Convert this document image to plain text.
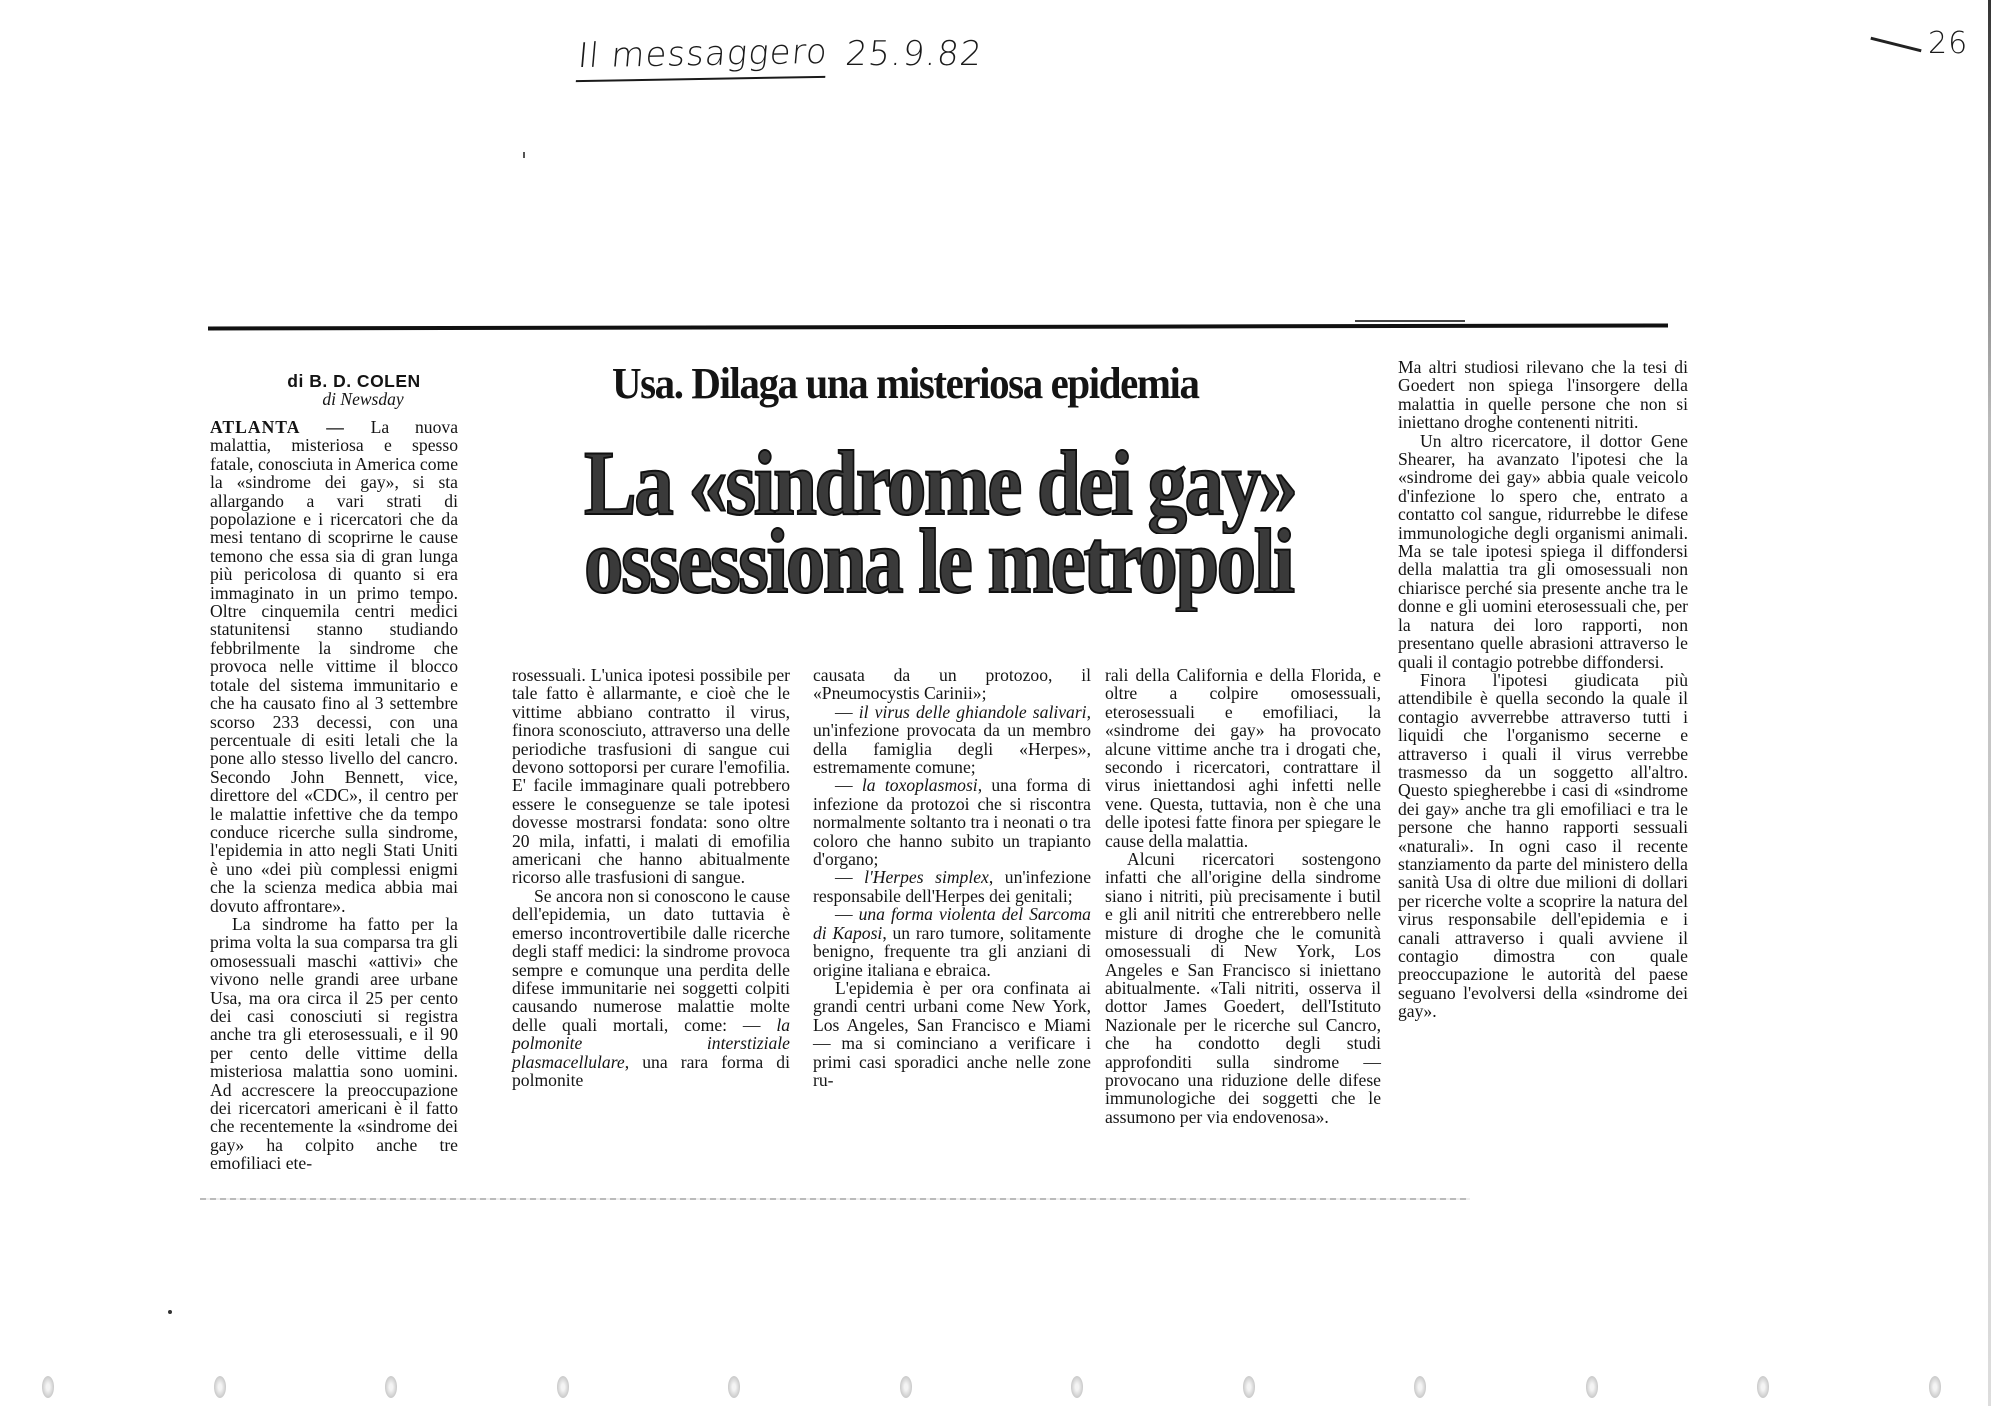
Il messaggero 25.9.82	26
Usa. Dilaga una misteriosa epidemia
La «sindrome dei gay»
ossessiona le metropoli
di B. D. COLEN
di Newsday

ATLANTA — La nuova malattia, misteriosa e spesso fatale, conosciuta in America come la «sindrome dei gay», si sta allargando a vari strati di popolazione e i ricercatori che da mesi tentano di scoprirne le cause temono che essa sia di gran lunga più pericolosa di quanto si era immaginato in un primo tempo. Oltre cinquemila centri medici statunitensi stanno studiando febbrilmente la sindrome che provoca nelle vittime il blocco totale del sistema immunitario e che ha causato fino al 3 settembre scorso 233 decessi, con una percentuale di esiti letali che la pone allo stesso livello del cancro. Secondo John Bennett, vice, direttore del «CDC», il centro per le malattie infettive che da tempo conduce ricerche sulla sindrome, l'epidemia in atto negli Stati Uniti è uno «dei più complessi enigmi che la scienza medica abbia mai dovuto affrontare».

La sindrome ha fatto per la prima volta la sua comparsa tra gli omosessuali maschi «attivi» che vivono nelle grandi aree urbane Usa, ma ora circa il 25 per cento dei casi conosciuti si registra anche tra gli eterosessuali, e il 90 per cento delle vittime della misteriosa malattia sono uomini. Ad accrescere la preoccupazione dei ricercatori americani è il fatto che recentemente la «sindrome dei gay» ha colpito anche tre emofiliaci ete-

rosessuali. L'unica ipotesi possibile per tale fatto è allarmante, e cioè che le vittime abbiano contratto il virus, finora sconosciuto, attraverso una delle periodiche trasfusioni di sangue cui devono sottoporsi per curare l'emofilia. E' facile immaginare quali potrebbero essere le conseguenze se tale ipotesi dovesse mostrarsi fondata: sono oltre 20 mila, infatti, i malati di emofilia americani che hanno abitualmente ricorso alle trasfusioni di sangue.

Se ancora non si conoscono le cause dell'epidemia, un dato tuttavia è emerso incontrovertibile dalle ricerche degli staff medici: la sindrome provoca sempre e comunque una perdita delle difese immunitarie nei soggetti colpiti causando numerose malattie molte delle quali mortali, come: — la polmonite interstiziale plasmacellulare, una rara forma di polmonite

causata da un protozoo, il «Pneumocystis Carinii»;

— il virus delle ghiandole salivari, un'infezione provocata da un membro della famiglia degli «Herpes», estremamente comune;

— la toxoplasmosi, una forma di infezione da protozoi che si riscontra normalmente soltanto tra i neonati o tra coloro che hanno subito un trapianto d'organo;

— l'Herpes simplex, un'infezione responsabile dell'Herpes dei genitali;

— una forma violenta del Sarcoma di Kaposi, un raro tumore, solitamente benigno, frequente tra gli anziani di origine italiana e ebraica.

L'epidemia è per ora confinata ai grandi centri urbani come New York, Los Angeles, San Francisco e Miami — ma si cominciano a verificare i primi casi sporadici anche nelle zone ru-

rali della California e della Florida, e oltre a colpire omosessuali, eterosessuali e emofiliaci, la «sindrome dei gay» ha provocato alcune vittime anche tra i drogati che, secondo i ricercatori, contrattare il virus iniettandosi aghi infetti nelle vene. Questa, tuttavia, non è che una delle ipotesi fatte finora per spiegare le cause della malattia.

Alcuni ricercatori sostengono infatti che all'origine della sindrome siano i nitriti, più precisamente i butil e gli anil nitriti che entrerebbero nelle misture di droghe che le comunità omosessuali di New York, Los Angeles e San Francisco si iniettano abitualmente. «Tali nitriti, osserva il dottor James Goedert, dell'Istituto Nazionale per le ricerche sul Cancro, che ha condotto degli studi approfonditi sulla sindrome — provocano una riduzione delle difese immunologiche dei soggetti che le assumono per via endovenosa».

Ma altri studiosi rilevano che la tesi di Goedert non spiega l'insorgere della malattia in quelle persone che non si iniettano droghe contenenti nitriti.

Un altro ricercatore, il dottor Gene Shearer, ha avanzato l'ipotesi che la «sindrome dei gay» abbia quale veicolo d'infezione lo spero che, entrato a contatto col sangue, ridurrebbe le difese immunologiche degli organismi animali. Ma se tale ipotesi spiega il diffondersi della malattia tra gli omosessuali non chiarisce perché sia presente anche tra le donne e gli uomini eterosessuali che, per la natura dei loro rapporti, non presentano quelle abrasioni attraverso le quali il contagio potrebbe diffondersi.

Finora l'ipotesi giudicata più attendibile è quella secondo la quale il contagio avverrebbe attraverso tutti i liquidi che l'organismo secerne e attraverso i quali il virus verrebbe trasmesso da un soggetto all'altro. Questo spiegherebbe i casi di «sindrome dei gay» anche tra gli emofiliaci e tra le persone che hanno rapporti sessuali «naturali». In ogni caso il recente stanziamento da parte del ministero della sanità Usa di oltre due milioni di dollari per ricerche volte a scoprire la natura del virus responsabile dell'epidemia e i canali attraverso i quali avviene il contagio dimostra con quale preoccupazione le autorità del paese seguano l'evolversi della «sindrome dei gay».
